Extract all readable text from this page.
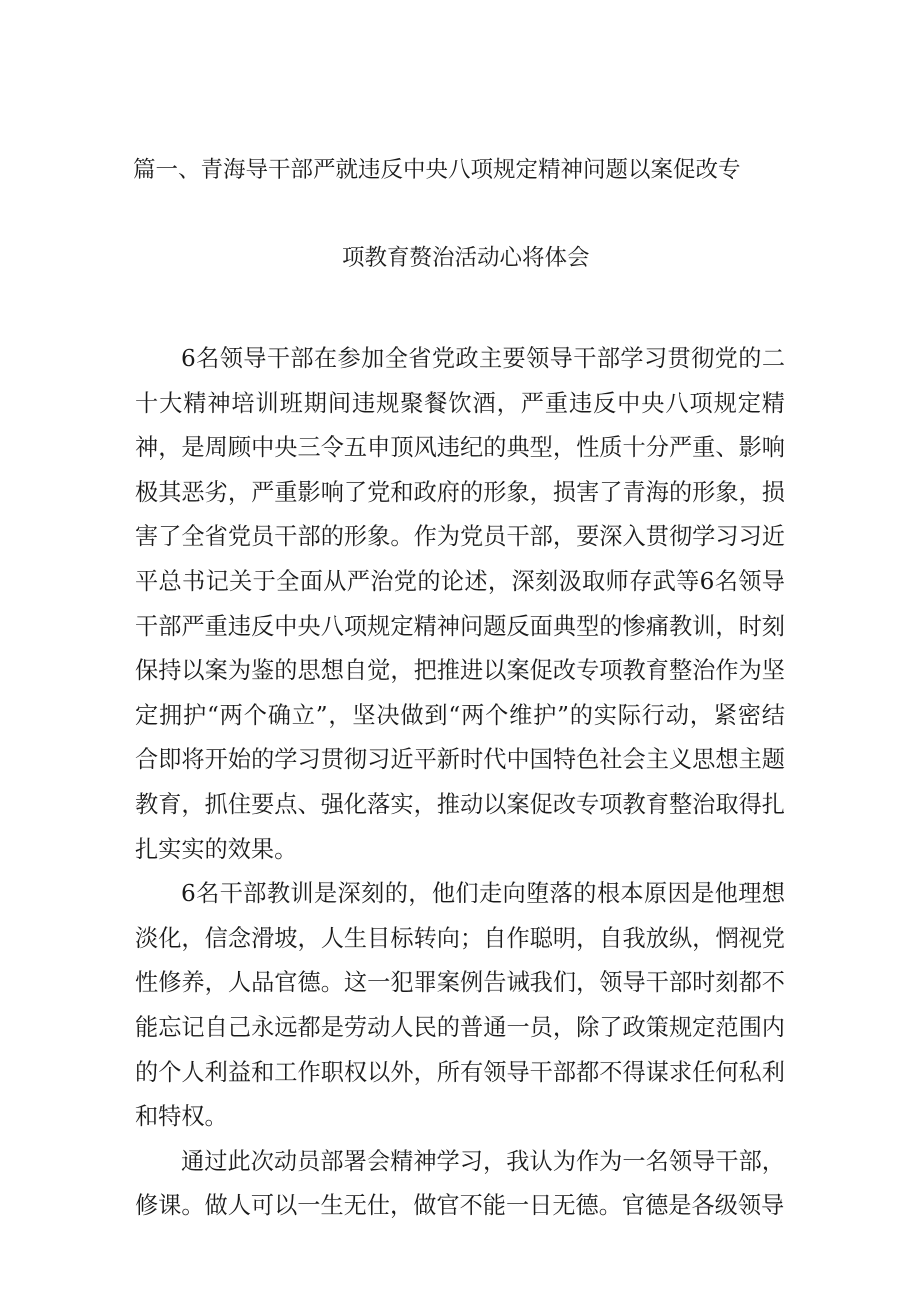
篇一、青海导干部严就违反中央八项规定精神问题以案促改专
项教育赘治活动心将体会

6名领导干部在参加全省党政主要领导干部学习贯彻党的二十大精神培训班期间违规聚餐饮酒，严重违反中央八项规定精神，是周顾中央三令五申顶风违纪的典型，性质十分严重、影响极其恶劣，严重影响了党和政府的形象，损害了青海的形象，损害了全省党员干部的形象。作为党员干部，要深入贯彻学习习近平总书记关于全面从严治党的论述，深刻汲取师存武等6名领导干部严重违反中央八项规定精神问题反面典型的惨痛教训，时刻保持以案为鉴的思想自觉，把推进以案促改专项教育整治作为坚定拥护“两个确立”，坚决做到“两个维护”的实际行动，紧密结合即将开始的学习贯彻习近平新时代中国特色社会主义思想主题教育，抓住要点、强化落实，推动以案促改专项教育整治取得扎扎实实的效果。

6名干部教训是深刻的，他们走向堕落的根本原因是他理想淡化，信念滑坡，人生目标转向；自作聪明，自我放纵，惘视党性修养，人品官德。这一犯罪案例告诫我们，领导干部时刻都不能忘记自己永远都是劳动人民的普通一员，除了政策规定范围内的个人利益和工作职权以外，所有领导干部都不得谋求任何私利和特权。

通过此次动员部署会精神学习，我认为作为一名领导干部，修课。做人可以一生无仕，做官不能一日无德。官德是各级领导
